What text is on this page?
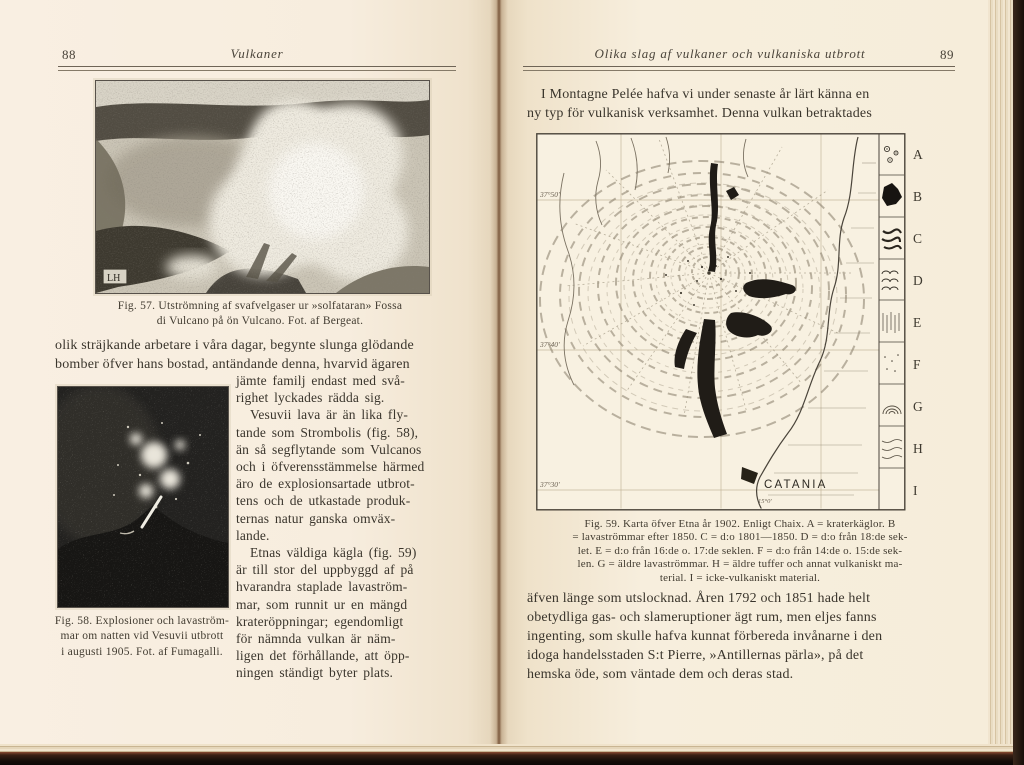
88	Vulkaner
LH
Fig. 57. Utströmning af svafvelgaser ur »solfataran» Fossa
di Vulcano på ön Vulcano. Fot. af Bergeat.
olik sträjkande arbetare i våra dagar, begynte slunga glödande
bomber öfver hans bostad, antändande denna, hvarvid ägaren
jämte familj endast med svå-
righet lyckades rädda sig.
Vesuvii lava är än lika fly-
tande som Strombolis (fig. 58),
än så segflytande som Vulcanos
och i öfverensstämmelse härmed
äro de explosionsartade utbrot-
tens och de utkastade produk-
ternas natur ganska omväx-
lande.
Etnas väldiga kägla (fig. 59)
är till stor del uppbyggd af på
hvarandra staplade lavaström-
mar, som runnit ur en mängd
krateröppningar; egendomligt
för nämnda vulkan är näm-
ligen det förhållande, att öpp-
ningen ständigt byter plats.
Fig. 58. Explosioner och lavaström-
mar om natten vid Vesuvii utbrott
i augusti 1905. Fot. af Fumagalli.
Olika slag af vulkaner och vulkaniska utbrott	89
I Montagne Pelée hafva vi under senaste år lärt känna en
ny typ för vulkanisk verksamhet. Denna vulkan betraktades
37°50'
37°40'
37°30'
15°0'
CATANIA
A
B
C
D
E
F
G
H
I
Fig. 59. Karta öfver Etna år 1902. Enligt Chaix. A = kraterkäglor. B
= lavaströmmar efter 1850. C = d:o 1801—1850. D = d:o från 18:de sek-
let. E = d:o från 16:de o. 17:de seklen. F = d:o från 14:de o. 15:de sek-
len. G = äldre lavaströmmar. H = äldre tuffer och annat vulkaniskt ma-
terial. I = icke-vulkaniskt material.
äfven länge som utslocknad. Åren 1792 och 1851 hade helt
obetydliga gas- och slameruptioner ägt rum, men eljes fanns
ingenting, som skulle hafva kunnat förbereda invånarne i den
idoga handelsstaden S:t Pierre, »Antillernas pärla», på det
hemska öde, som väntade dem och deras stad.
